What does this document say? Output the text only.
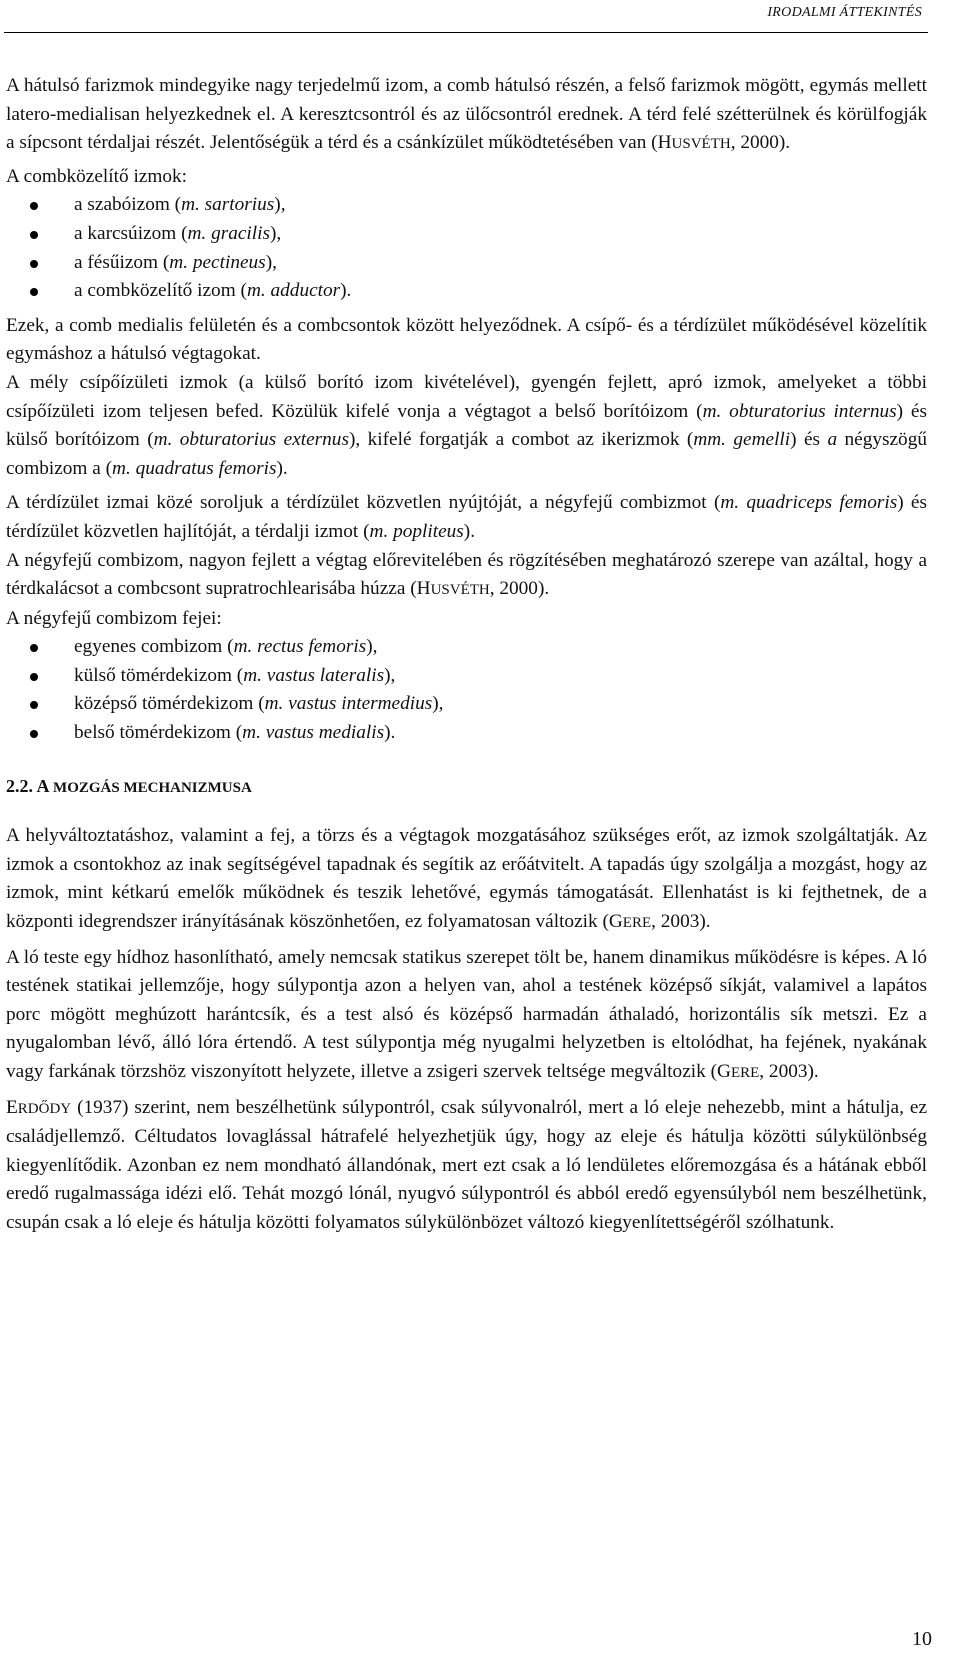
IRODALMI ÁTTEKINTÉS

A hátulsó farizmok mindegyike nagy terjedelmű izom, a comb hátulsó részén, a felső farizmok mögött, egymás mellett latero-medialisan helyezkednek el. A keresztcsontról és az ülőcsontról erednek. A térd felé szétterülnek és körülfogják a sípcsont térdaljai részét. Jelentőségük a térd és a csánkízület működtetésében van (HUSVÉTH, 2000).

A combközelítő izmok:

a szabóizom (m. sartorius),
a karcsúizom (m. gracilis),
a fésűizom (m. pectineus),
a combközelítő izom (m. adductor).

Ezek, a comb medialis felületén és a combcsontok között helyeződnek. A csípő- és a térdízület működésével közelítik egymáshoz a hátulsó végtagokat.

A mély csípőízületi izmok (a külső borító izom kivételével), gyengén fejlett, apró izmok, amelyeket a többi csípőízületi izom teljesen befed. Közülük kifelé vonja a végtagot a belső borítóizom (m. obturatorius internus) és külső borítóizom (m. obturatorius externus), kifelé forgatják a combot az ikerizmok (mm. gemelli) és a négyszögű combizom a (m. quadratus femoris).

A térdízület izmai közé soroljuk a térdízület közvetlen nyújtóját, a négyfejű combizmot (m. quadriceps femoris) és térdízület közvetlen hajlítóját, a térdalji izmot (m. popliteus).

A négyfejű combizom, nagyon fejlett a végtag előrevitelében és rögzítésében meghatározó szerepe van azáltal, hogy a térdkalácsot a combcsont supratrochlearisába húzza (HUSVÉTH, 2000).

A négyfejű combizom fejei:

egyenes combizom (m. rectus femoris),
külső tömérdekizom (m. vastus lateralis),
középső tömérdekizom (m. vastus intermedius),
belső tömérdekizom (m. vastus medialis).
2.2. A MOZGÁS MECHANIZMUSA

A helyváltoztatáshoz, valamint a fej, a törzs és a végtagok mozgatásához szükséges erőt, az izmok szolgáltatják. Az izmok a csontokhoz az inak segítségével tapadnak és segítik az erőátvitelt. A tapadás úgy szolgálja a mozgást, hogy az izmok, mint kétkarú emelők működnek és teszik lehetővé, egymás támogatását. Ellenhatást is ki fejthetnek, de a központi idegrendszer irányításának köszönhetően, ez folyamatosan változik (GERE, 2003).

A ló teste egy hídhoz hasonlítható, amely nemcsak statikus szerepet tölt be, hanem dinamikus működésre is képes. A ló testének statikai jellemzője, hogy súlypontja azon a helyen van, ahol a testének középső síkját, valamivel a lapátos porc mögött meghúzott harántcsík, és a test alsó és középső harmadán áthaladó, horizontális sík metszi. Ez a nyugalomban lévő, álló lóra értendő. A test súlypontja még nyugalmi helyzetben is eltolódhat, ha fejének, nyakának vagy farkának törzshöz viszonyított helyzete, illetve a zsigeri szervek teltsége megváltozik (GERE, 2003).

ERDŐDY (1937) szerint, nem beszélhetünk súlypontról, csak súlyvonalról, mert a ló eleje nehezebb, mint a hátulja, ez családjellemző. Céltudatos lovaglással hátrafelé helyezhetjük úgy, hogy az eleje és hátulja közötti súlykülönbség kiegyenlítődik. Azonban ez nem mondható állandónak, mert ezt csak a ló lendületes előremozgása és a hátának ebből eredő rugalmassága idézi elő. Tehát mozgó lónál, nyugvó súlypontról és abból eredő egyensúlyból nem beszélhetünk, csupán csak a ló eleje és hátulja közötti folyamatos súlykülönbözet változó kiegyenlítettségéről szólhatunk.

10
